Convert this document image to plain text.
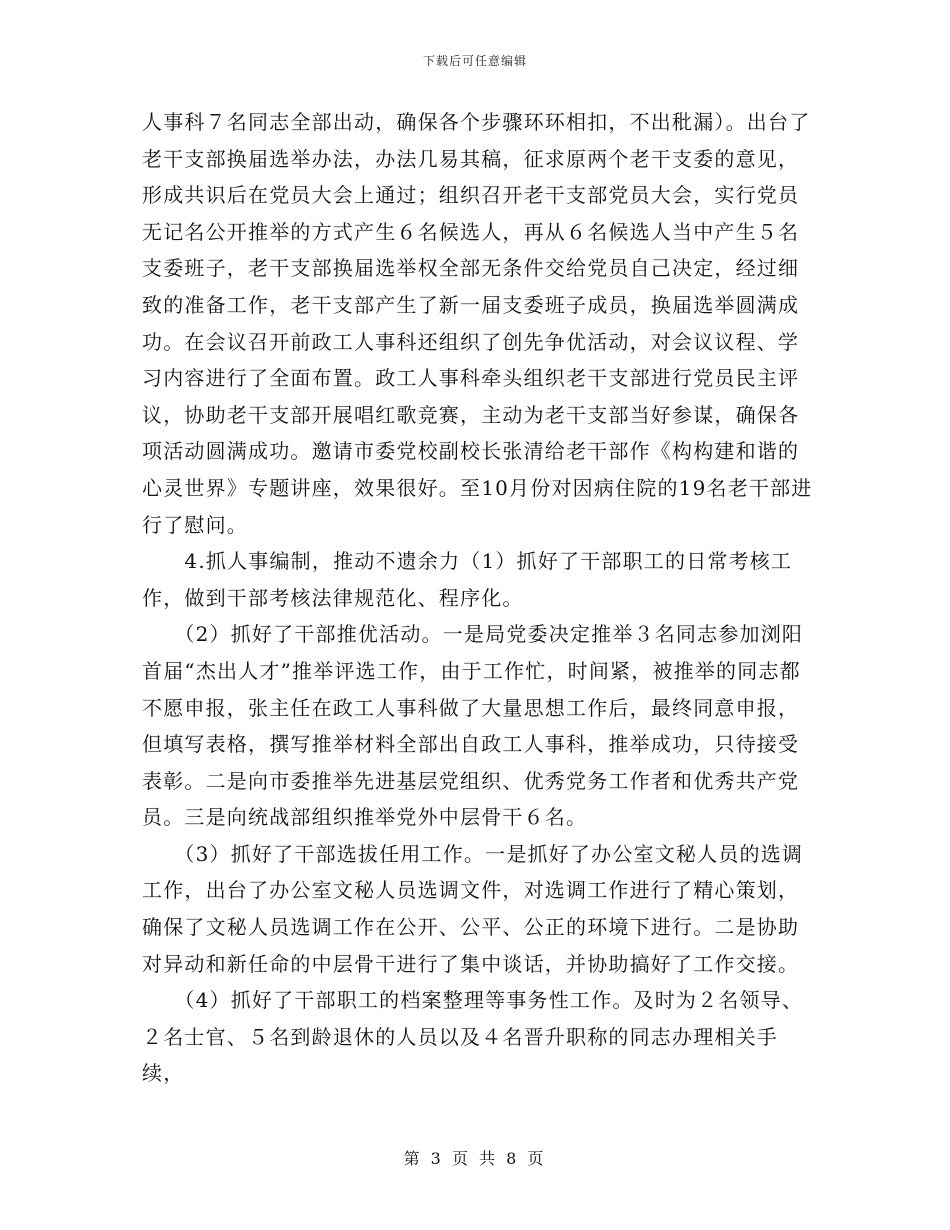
下载后可任意编辑

人事科７名同志全部出动，确保各个步骤环环相扣，不出秕漏）。出台了老干支部换届选举办法，办法几易其稿，征求原两个老干支委的意见，形成共识后在党员大会上通过；组织召开老干支部党员大会，实行党员无记名公开推举的方式产生６名候选人，再从６名候选人当中产生５名支委班子，老干支部换届选举权全部无条件交给党员自己决定，经过细致的准备工作，老干支部产生了新一届支委班子成员，换届选举圆满成功。在会议召开前政工人事科还组织了创先争优活动，对会议议程、学习内容进行了全面布置。政工人事科牵头组织老干支部进行党员民主评议，协助老干支部开展唱红歌竞赛，主动为老干支部当好参谋，确保各项活动圆满成功。邀请市委党校副校长张清给老干部作《构构建和谐的心灵世界》专题讲座，效果很好。至10月份对因病住院的19名老干部进行了慰问。

　　4.抓人事编制，推动不遗余力（1）抓好了干部职工的日常考核工作，做到干部考核法律规范化、程序化。

　　（2）抓好了干部推优活动。一是局党委决定推举３名同志参加浏阳首届“杰出人才”推举评选工作，由于工作忙，时间紧，被推举的同志都不愿申报，张主任在政工人事科做了大量思想工作后，最终同意申报，但填写表格，撰写推举材料全部出自政工人事科，推举成功，只待接受表彰。二是向市委推举先进基层党组织、优秀党务工作者和优秀共产党员。三是向统战部组织推举党外中层骨干６名。

　　（3）抓好了干部选拔任用工作。一是抓好了办公室文秘人员的选调工作，出台了办公室文秘人员选调文件，对选调工作进行了精心策划，确保了文秘人员选调工作在公开、公平、公正的环境下进行。二是协助对异动和新任命的中层骨干进行了集中谈话，并协助搞好了工作交接。

　　（4）抓好了干部职工的档案整理等事务性工作。及时为２名领导、２名士官、５名到龄退休的人员以及４名晋升职称的同志办理相关手续，

第 3 页 共 8 页
